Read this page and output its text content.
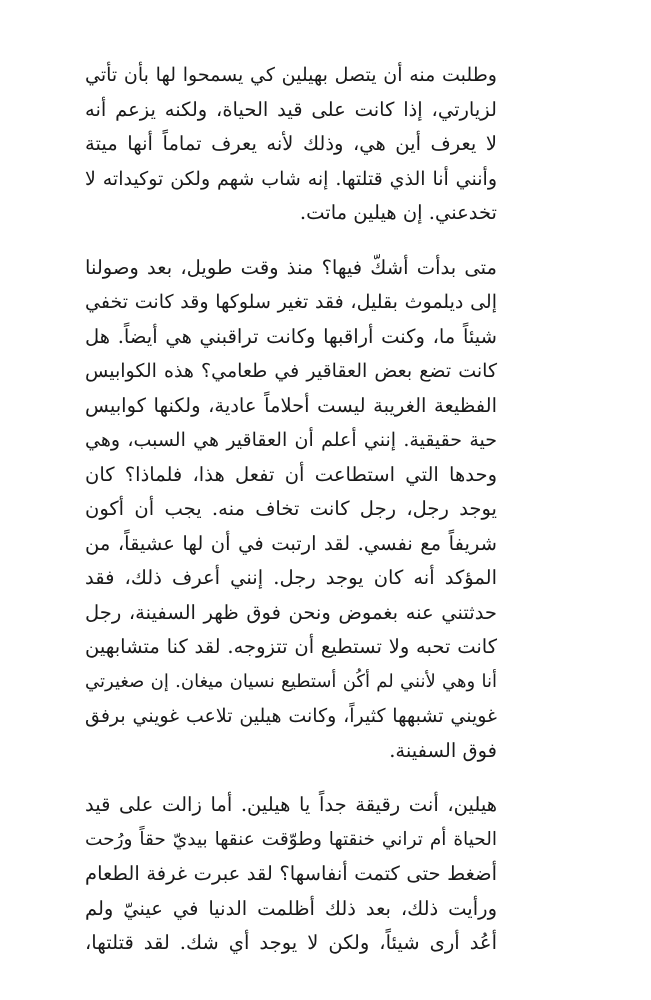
وطلبت منه أن يتصل بهيلين كي يسمحوا لها بأن تأتي
لزيارتي، إذا كانت على قيد الحياة، ولكنه يزعم أنه
لا يعرف أين هي، وذلك لأنه يعرف تماماً أنها ميتة
وأنني أنا الذي قتلتها. إنه شاب شهم ولكن توكيداته لا
تخدعني. إن هيلين ماتت.

متى بدأت أشكّ فيها؟ منذ وقت طويل، بعد وصولنا
إلى ديلموث بقليل، فقد تغير سلوكها وقد كانت تخفي
شيئاً ما، وكنت أراقبها وكانت تراقبني هي أيضاً. هل
كانت تضع بعض العقاقير في طعامي؟ هذه الكوابيس
الفظيعة الغريبة ليست أحلاماً عادية، ولكنها كوابيس
حية حقيقية. إنني أعلم أن العقاقير هي السبب، وهي
وحدها التي استطاعت أن تفعل هذا، فلماذا؟ كان
يوجد رجل، رجل كانت تخاف منه. يجب أن أكون
شريفاً مع نفسي. لقد ارتبت في أن لها عشيقاً، من
المؤكد أنه كان يوجد رجل. إنني أعرف ذلك، فقد
حدثتني عنه بغموض ونحن فوق ظهر السفينة، رجل
كانت تحبه ولا تستطيع أن تتزوجه. لقد كنا متشابهين
أنا وهي لأنني لم أكُن أستطيع نسيان ميغان. إن صغيرتي
غويني تشبهها كثيراً، وكانت هيلين تلاعب غويني برفق
فوق السفينة.

هيلين، أنت رقيقة جداً يا هيلين. أما زالت على قيد
الحياة أم تراني خنقتها وطوّقت عنقها بيديّ حقاً ورُحت
أضغط حتى كتمت أنفاسها؟ لقد عبرت غرفة الطعام
ورأيت ذلك، بعد ذلك أظلمت الدنيا في عينيّ ولم
أعُد أرى شيئاً، ولكن لا يوجد أي شك. لقد قتلتها،
